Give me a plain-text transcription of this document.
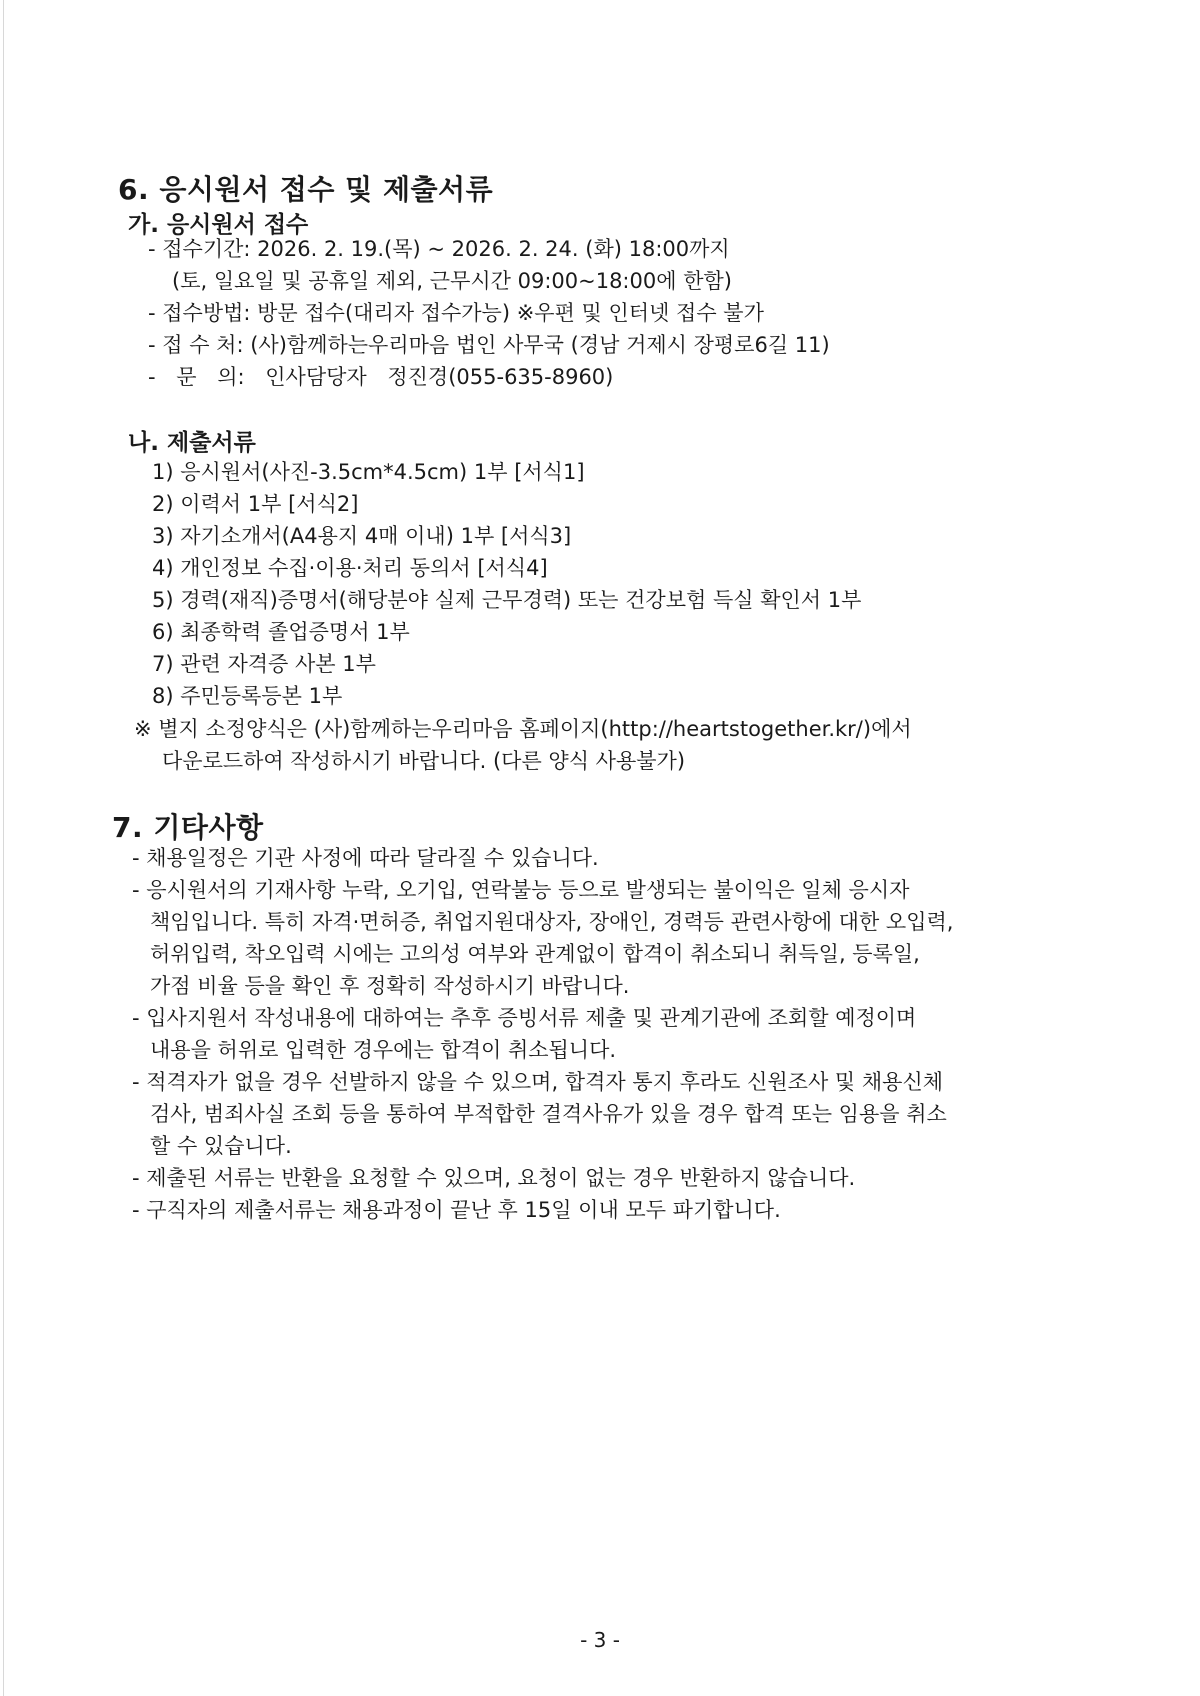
6. 응시원서 접수 및 제출서류
가. 응시원서 접수
- 접수기간: 2026. 2. 19.(목) ~ 2026. 2. 24. (화) 18:00까지
(토, 일요일 및 공휴일 제외, 근무시간 09:00~18:00에 한함)
- 접수방법: 방문 접수(대리자 접수가능) ※우편 및 인터넷 접수 불가
- 접 수 처: (사)함께하는우리마음 법인 사무국 (경남 거제시 장평로6길 11)
- 문 의: 인사담당자 정진경(055-635-8960)
나. 제출서류
1) 응시원서(사진-3.5cm*4.5cm) 1부 [서식1]
2) 이력서 1부 [서식2]
3) 자기소개서(A4용지 4매 이내) 1부 [서식3]
4) 개인정보 수집·이용·처리 동의서 [서식4]
5) 경력(재직)증명서(해당분야 실제 근무경력) 또는 건강보험 득실 확인서 1부
6) 최종학력 졸업증명서 1부
7) 관련 자격증 사본 1부
8) 주민등록등본 1부
※ 별지 소정양식은 (사)함께하는우리마음 홈페이지(http://heartstogether.kr/)에서
다운로드하여 작성하시기 바랍니다. (다른 양식 사용불가)
7. 기타사항
- 채용일정은 기관 사정에 따라 달라질 수 있습니다.
- 응시원서의 기재사항 누락, 오기입, 연락불능 등으로 발생되는 불이익은 일체 응시자
책임입니다. 특히 자격·면허증, 취업지원대상자, 장애인, 경력등 관련사항에 대한 오입력,
허위입력, 착오입력 시에는 고의성 여부와 관계없이 합격이 취소되니 취득일, 등록일,
가점 비율 등을 확인 후 정확히 작성하시기 바랍니다.
- 입사지원서 작성내용에 대하여는 추후 증빙서류 제출 및 관계기관에 조회할 예정이며
내용을 허위로 입력한 경우에는 합격이 취소됩니다.
- 적격자가 없을 경우 선발하지 않을 수 있으며, 합격자 통지 후라도 신원조사 및 채용신체
검사, 범죄사실 조회 등을 통하여 부적합한 결격사유가 있을 경우 합격 또는 임용을 취소
할 수 있습니다.
- 제출된 서류는 반환을 요청할 수 있으며, 요청이 없는 경우 반환하지 않습니다.
- 구직자의 제출서류는 채용과정이 끝난 후 15일 이내 모두 파기합니다.
- 3 -
